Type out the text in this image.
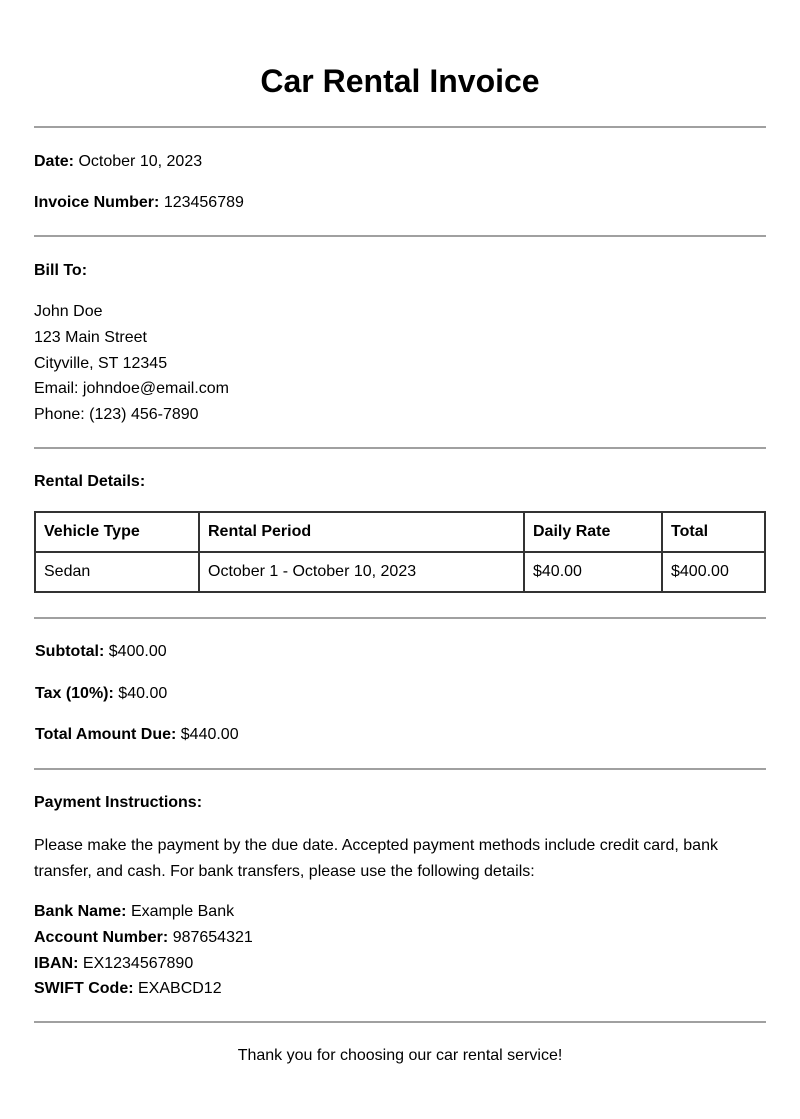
Car Rental Invoice
Date: October 10, 2023
Invoice Number: 123456789
Bill To:
John Doe
123 Main Street
Cityville, ST 12345
Email: johndoe@email.com
Phone: (123) 456-7890
Rental Details:
Vehicle Type	Rental Period	Daily Rate	Total
Sedan	October 1 - October 10, 2023	$40.00	$400.00
Subtotal: $400.00
Tax (10%): $40.00
Total Amount Due: $440.00
Payment Instructions:
Please make the payment by the due date. Accepted payment methods include credit card, bank transfer, and cash. For bank transfers, please use the following details:
Bank Name: Example Bank
Account Number: 987654321
IBAN: EX1234567890
SWIFT Code: EXABCD12
Thank you for choosing our car rental service!
